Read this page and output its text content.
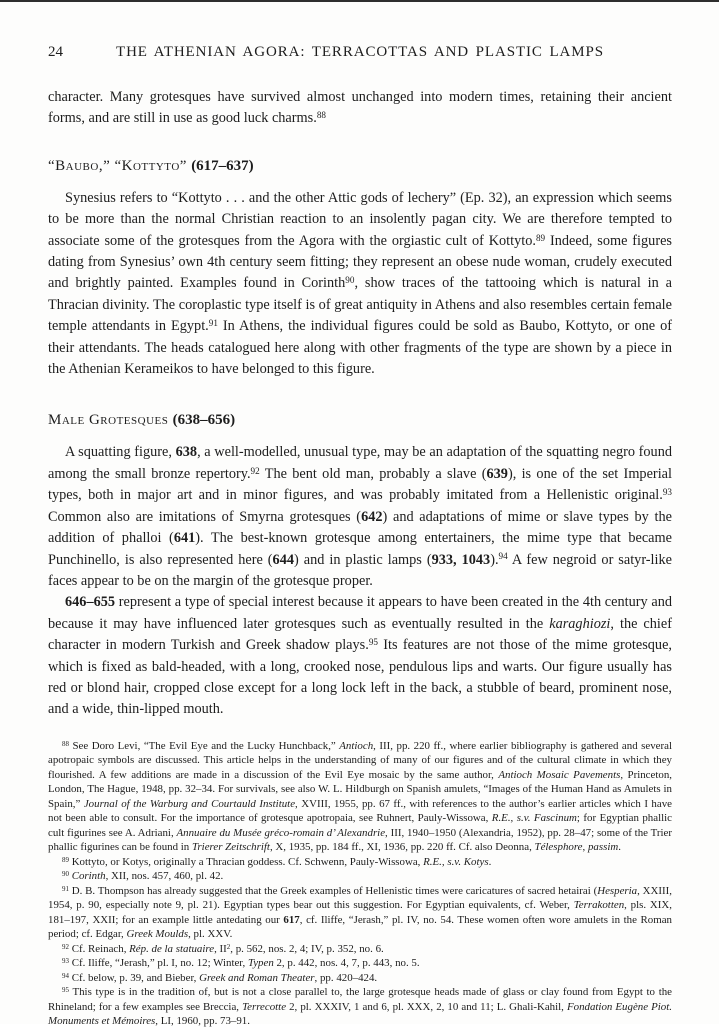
24	THE ATHENIAN AGORA: TERRACOTTAS AND PLASTIC LAMPS

character. Many grotesques have survived almost unchanged into modern times, retaining their ancient forms, and are still in use as good luck charms.$^{88}$

“Baubo,” “Kottyto” (617–637)

Synesius refers to “Kottyto . . . and the other Attic gods of lechery” (Ep. 32), an expression which seems to be more than the normal Christian reaction to an insolently pagan city. We are therefore tempted to associate some of the grotesques from the Agora with the orgiastic cult of Kottyto.$^{89}$ Indeed, some figures dating from Synesius’ own 4th century seem fitting; they represent an obese nude woman, crudely executed and brightly painted. Examples found in Corinth$^{90}$, show traces of the tattooing which is natural in a Thracian divinity. The coroplastic type itself is of great antiquity in Athens and also resembles certain female temple attendants in Egypt.$^{91}$ In Athens, the individual figures could be sold as Baubo, Kottyto, or one of their attendants. The heads catalogued here along with other fragments of the type are shown by a piece in the Athenian Kerameikos to have belonged to this figure.

Male Grotesques (638–656)

A squatting figure, 638, a well-modelled, unusual type, may be an adaptation of the squatting negro found among the small bronze repertory.$^{92}$ The bent old man, probably a slave (639), is one of the set Imperial types, both in major art and in minor figures, and was probably imitated from a Hellenistic original.$^{93}$ Common also are imitations of Smyrna grotesques (642) and adaptations of mime or slave types by the addition of phalloi (641). The best-known grotesque among entertainers, the mime type that became Punchinello, is also represented here (644) and in plastic lamps (933, 1043).$^{94}$ A few negroid or satyr-like faces appear to be on the margin of the grotesque proper.

646–655 represent a type of special interest because it appears to have been created in the 4th century and because it may have influenced later grotesques such as eventually resulted in the karaghiozi, the chief character in modern Turkish and Greek shadow plays.$^{95}$ Its features are not those of the mime grotesque, which is fixed as bald-headed, with a long, crooked nose, pendulous lips and warts. Our figure usually has red or blond hair, cropped close except for a long lock left in the back, a stubble of beard, prominent nose, and a wide, thin-lipped mouth.

$^{88}$ See Doro Levi, “The Evil Eye and the Lucky Hunchback,” Antioch, III, pp. 220 ff., where earlier bibliography is gathered and several apotropaic symbols are discussed. This article helps in the understanding of many of our figures and of the cultural climate in which they flourished. A few additions are made in a discussion of the Evil Eye mosaic by the same author, Antioch Mosaic Pavements, Princeton, London, The Hague, 1948, pp. 32–34. For survivals, see also W. L. Hildburgh on Spanish amulets, “Images of the Human Hand as Amulets in Spain,” Journal of the Warburg and Courtauld Institute, XVIII, 1955, pp. 67 ff., with references to the author’s earlier articles which I have not been able to consult. For the importance of grotesque apotropaia, see Ruhnert, Pauly-Wissowa, R.E., s.v. Fascinum; for Egyptian phallic cult figurines see A. Adriani, Annuaire du Musée gréco-romain d’ Alexandrie, III, 1940–1950 (Alexandria, 1952), pp. 28–47; some of the Trier phallic figurines can be found in Trierer Zeitschrift, X, 1935, pp. 184 ff., XI, 1936, pp. 220 ff. Cf. also Deonna, Télesphore, passim.

$^{89}$ Kottyto, or Kotys, originally a Thracian goddess. Cf. Schwenn, Pauly-Wissowa, R.E., s.v. Kotys.

$^{90}$ Corinth, XII, nos. 457, 460, pl. 42.

$^{91}$ D. B. Thompson has already suggested that the Greek examples of Hellenistic times were caricatures of sacred hetairai (Hesperia, XXIII, 1954, p. 90, especially note 9, pl. 21). Egyptian types bear out this suggestion. For Egyptian equivalents, cf. Weber, Terrakotten, pls. XIX, 181–197, XXII; for an example little antedating our 617, cf. Iliffe, “Jerash,” pl. IV, no. 54. These women often wore amulets in the Roman period; cf. Edgar, Greek Moulds, pl. XXV.

$^{92}$ Cf. Reinach, Rép. de la statuaire, $II^2$, p. 562, nos. 2, 4; IV, p. 352, no. 6.

$^{93}$ Cf. Iliffe, “Jerash,” pl. I, no. 12; Winter, Typen 2, p. 442, nos. 4, 7, p. 443, no. 5.

$^{94}$ Cf. below, p. 39, and Bieber, Greek and Roman Theater, pp. 420–424.

$^{95}$ This type is in the tradition of, but is not a close parallel to, the large grotesque heads made of glass or clay found from Egypt to the Rhineland; for a few examples see Breccia, Terrecotte 2, pl. XXXIV, 1 and 6, pl. XXX, 2, 10 and 11; L. Ghali-Kahil, Fondation Eugène Piot. Monuments et Mémoires, LI, 1960, pp. 73–91.
